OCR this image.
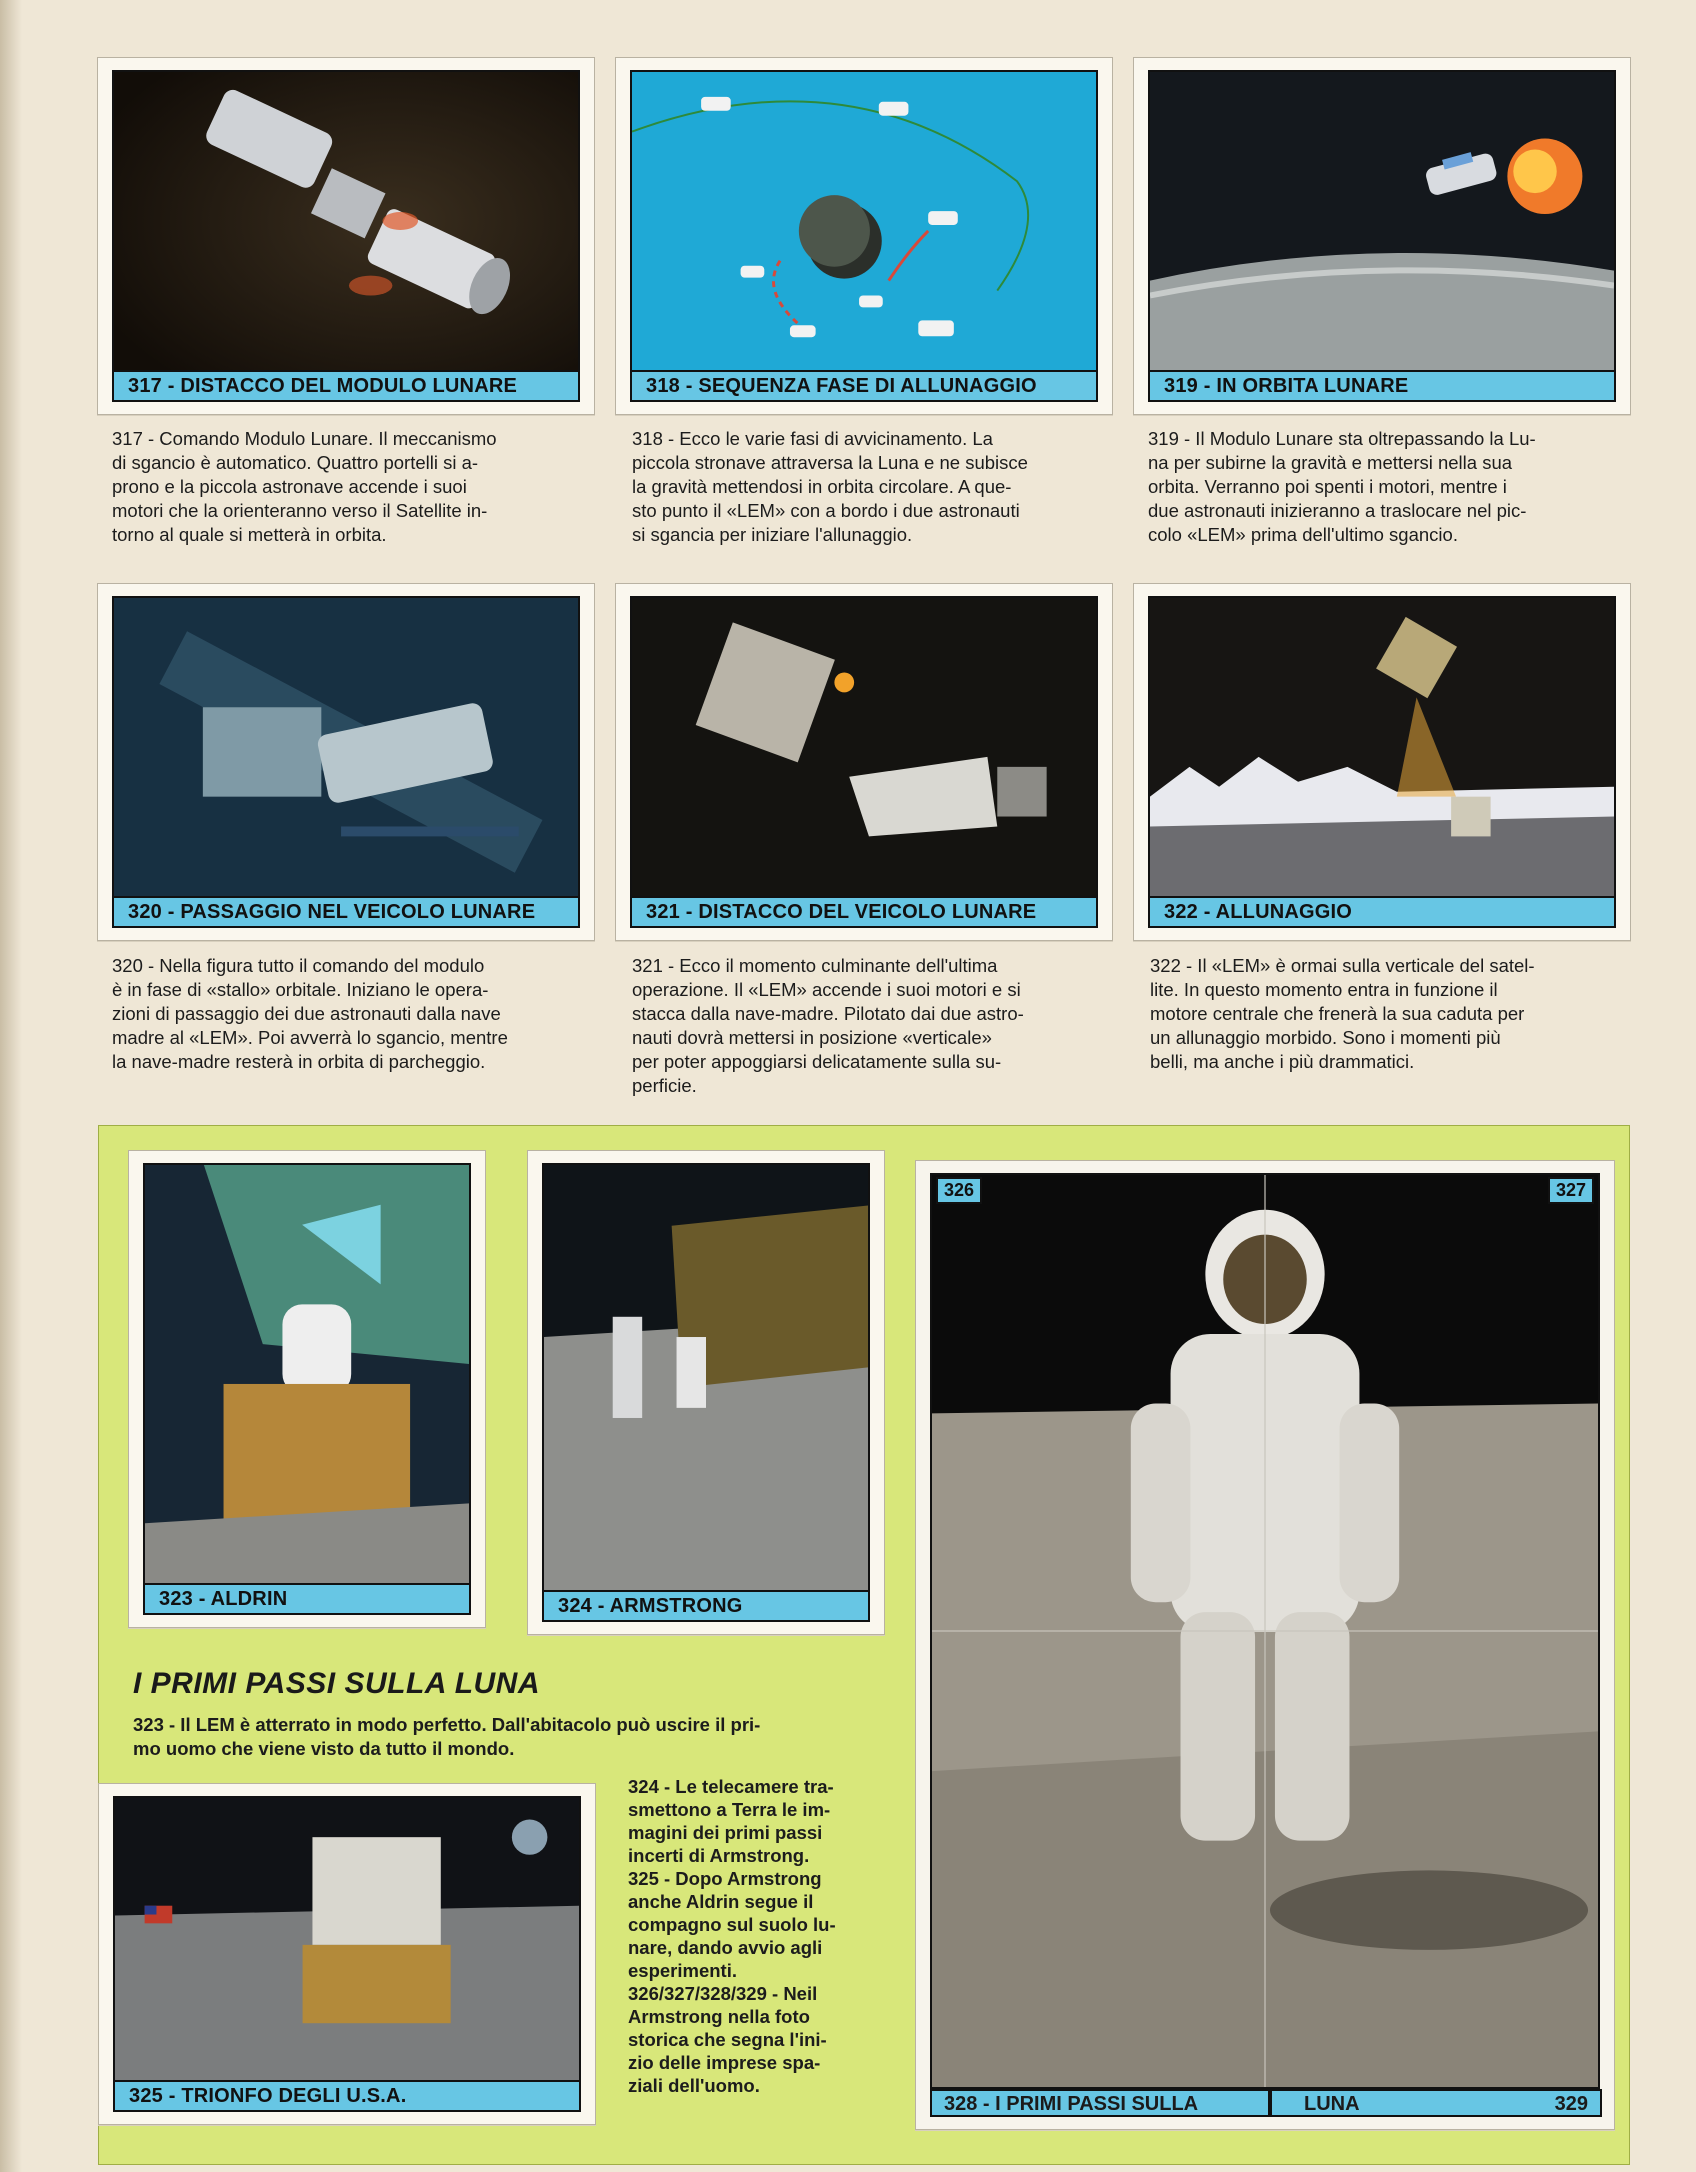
317 - DISTACCO DEL MODULO LUNARE	318 - SEQUENZA FASE DI ALLUNAGGIO	319 - IN ORBITA LUNARE
317 - Comando Modulo Lunare. Il meccanismo
di sgancio è automatico. Quattro portelli si a-
prono e la piccola astronave accende i suoi
motori che la orienteranno verso il Satellite in-
torno al quale si metterà in orbita.
318 - Ecco le varie fasi di avvicinamento. La
piccola stronave attraversa la Luna e ne subisce
la gravità mettendosi in orbita circolare. A que-
sto punto il «LEM» con a bordo i due astronauti
si sgancia per iniziare l'allunaggio.
319 - Il Modulo Lunare sta oltrepassando la Lu-
na per subirne la gravità e mettersi nella sua
orbita. Verranno poi spenti i motori, mentre i
due astronauti inizieranno a traslocare nel pic-
colo «LEM» prima dell'ultimo sgancio.
320 - PASSAGGIO NEL VEICOLO LUNARE	321 - DISTACCO DEL VEICOLO LUNARE	322 - ALLUNAGGIO
320 - Nella figura tutto il comando del modulo
è in fase di «stallo» orbitale. Iniziano le opera-
zioni di passaggio dei due astronauti dalla nave
madre al «LEM». Poi avverrà lo sgancio, mentre
la nave-madre resterà in orbita di parcheggio.
321 - Ecco il momento culminante dell'ultima
operazione. Il «LEM» accende i suoi motori e si
stacca dalla nave-madre. Pilotato dai due astro-
nauti dovrà mettersi in posizione «verticale»
per poter appoggiarsi delicatamente sulla su-
perficie.
322 - Il «LEM» è ormai sulla verticale del satel-
lite. In questo momento entra in funzione il
motore centrale che frenerà la sua caduta per
un allunaggio morbido. Sono i momenti più
belli, ma anche i più drammatici.
323 - ALDRIN	324 - ARMSTRONG
I PRIMI PASSI SULLA LUNA
323 - Il LEM è atterrato in modo perfetto. Dall'abitacolo può uscire il pri-
mo uomo che viene visto da tutto il mondo.
325 - TRIONFO DEGLI U.S.A.
324 - Le telecamere tra-
smettono a Terra le im-
magini dei primi passi
incerti di Armstrong.
325 - Dopo Armstrong
anche Aldrin segue il
compagno sul suolo lu-
nare, dando avvio agli
esperimenti.
326/327/328/329 - Neil
Armstrong nella foto
storica che segna l'ini-
zio delle imprese spa-
ziali dell'uomo.
326	327
328 - I PRIMI PASSI SULLA	LUNA	329
